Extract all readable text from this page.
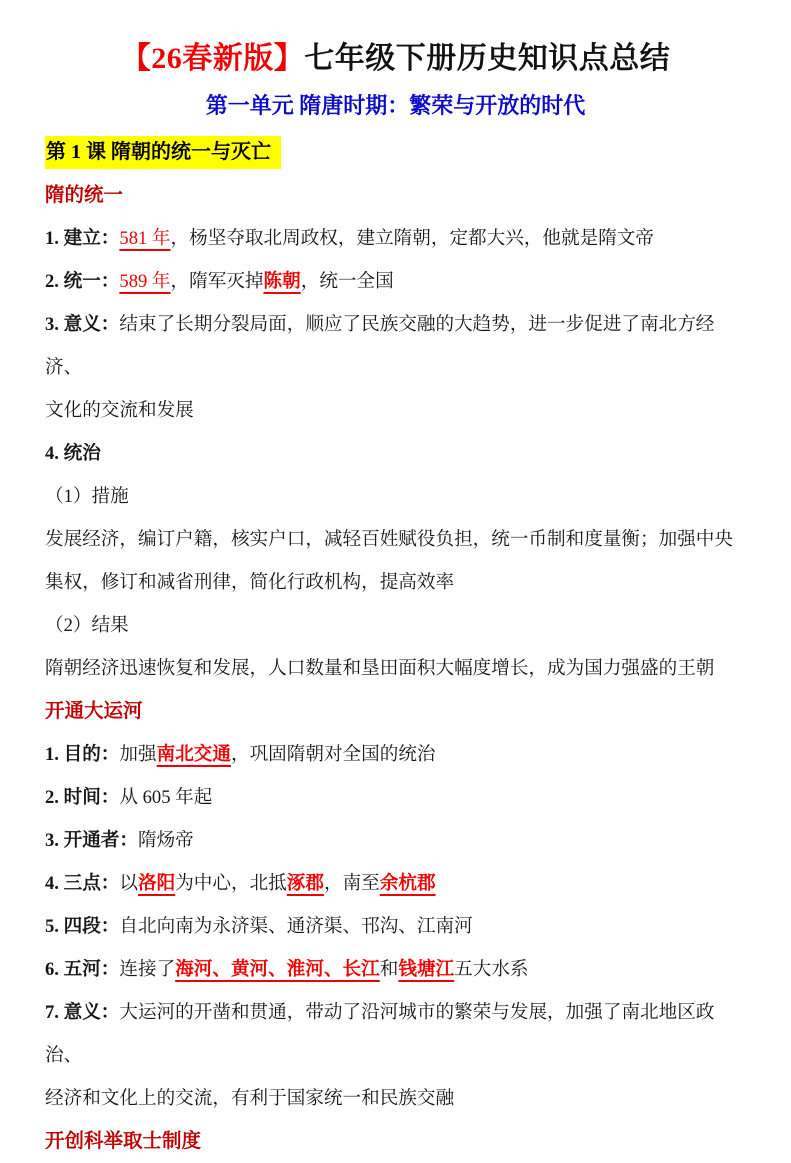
【26春新版】七年级下册历史知识点总结
第一单元 隋唐时期：繁荣与开放的时代
第 1 课 隋朝的统一与灭亡

隋的统一

1. 建立：581 年，杨坚夺取北周政权，建立隋朝，定都大兴，他就是隋文帝

2. 统一：589 年，隋军灭掉陈朝，统一全国

3. 意义：结束了长期分裂局面，顺应了民族交融的大趋势，进一步促进了南北方经济、
文化的交流和发展

4. 统治

（1）措施

发展经济，编订户籍，核实户口，减轻百姓赋役负担，统一币制和度量衡；加强中央
集权，修订和减省刑律，简化行政机构，提高效率

（2）结果

隋朝经济迅速恢复和发展，人口数量和垦田面积大幅度增长，成为国力强盛的王朝

开通大运河

1. 目的：加强南北交通，巩固隋朝对全国的统治

2. 时间：从 605 年起

3. 开通者：隋炀帝

4. 三点：以洛阳为中心，北抵涿郡，南至余杭郡

5. 四段：自北向南为永济渠、通济渠、邗沟、江南河

6. 五河：连接了海河、黄河、淮河、长江和钱塘江五大水系

7. 意义：大运河的开凿和贯通，带动了沿河城市的繁荣与发展，加强了南北地区政治、
经济和文化上的交流，有利于国家统一和民族交融

开创科举取士制度
